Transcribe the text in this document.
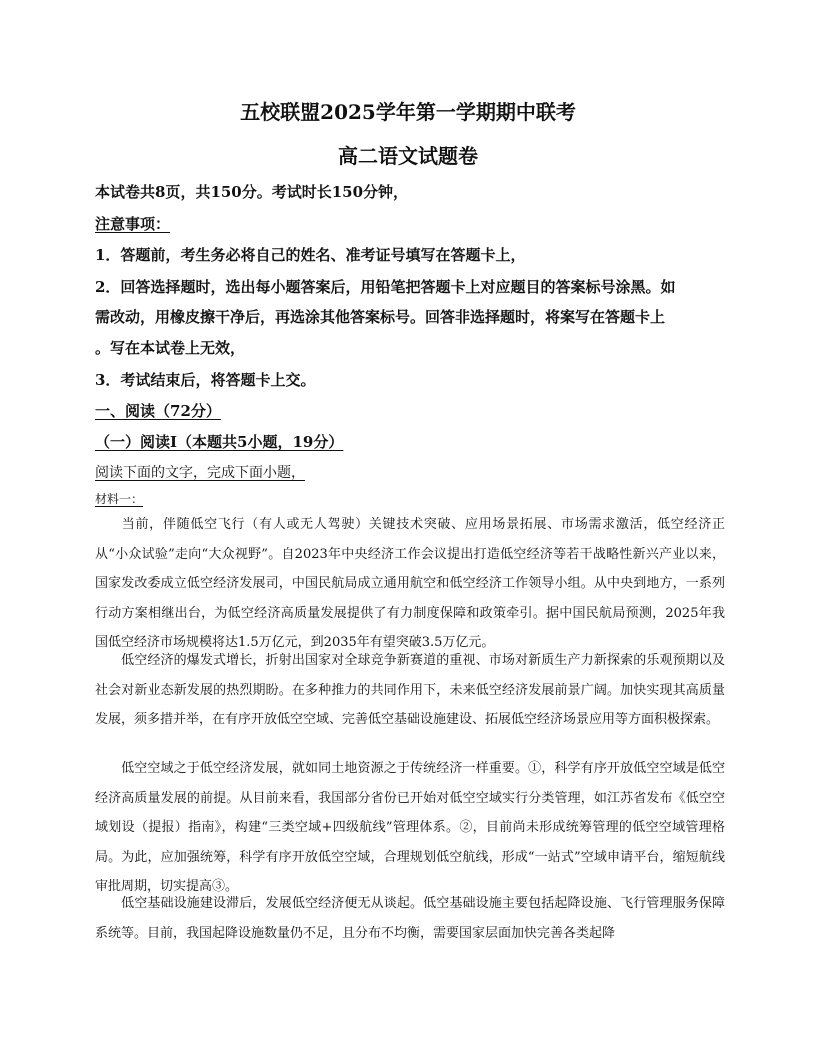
五校联盟2025学年第一学期期中联考
高二语文试题卷
本试卷共8页，共150分。考试时长150分钟，
注意事项：
1．答题前，考生务必将自己的姓名、准考证号填写在答题卡上，
2．回答选择题时，选出每小题答案后，用铅笔把答题卡上对应题目的答案标号涂黑。如
需改动，用橡皮擦干净后，再选涂其他答案标号。回答非选择题时，将案写在答题卡上
。写在本试卷上无效，
3．考试结束后，将答题卡上交。
一、阅读（72分）
（一）阅读Ⅰ（本题共5小题，19分）
阅读下面的文字，完成下面小题，
材料一：
当前，伴随低空飞行（有人或无人驾驶）关键技术突破、应用场景拓展、市场需求激活，低空经济正从“小众试验”走向“大众视野”。自2023年中央经济工作会议提出打造低空经济等若干战略性新兴产业以来，国家发改委成立低空经济发展司，中国民航局成立通用航空和低空经济工作领导小组。从中央到地方，一系列行动方案相继出台，为低空经济高质量发展提供了有力制度保障和政策牵引。据中国民航局预测，2025年我国低空经济市场规模将达1.5万亿元，到2035年有望突破3.5万亿元。
低空经济的爆发式增长，折射出国家对全球竞争新赛道的重视、市场对新质生产力新探索的乐观预期以及社会对新业态新发展的热烈期盼。在多种推力的共同作用下，未来低空经济发展前景广阔。加快实现其高质量发展，须多措并举，在有序开放低空空域、完善低空基础设施建设、拓展低空经济场景应用等方面积极探索。
低空空域之于低空经济发展，就如同土地资源之于传统经济一样重要。①，科学有序开放低空空域是低空经济高质量发展的前提。从目前来看，我国部分省份已开始对低空空域实行分类管理，如江苏省发布《低空空域划设（提报）指南》，构建“三类空域+四级航线”管理体系。②，目前尚未形成统筹管理的低空空域管理格局。为此，应加强统筹，科学有序开放低空空域，合理规划低空航线，形成“一站式”空域申请平台，缩短航线审批周期，切实提高③。
低空基础设施建设滞后，发展低空经济便无从谈起。低空基础设施主要包括起降设施、飞行管理服务保障系统等。目前，我国起降设施数量仍不足，且分布不均衡，需要国家层面加快完善各类起降
